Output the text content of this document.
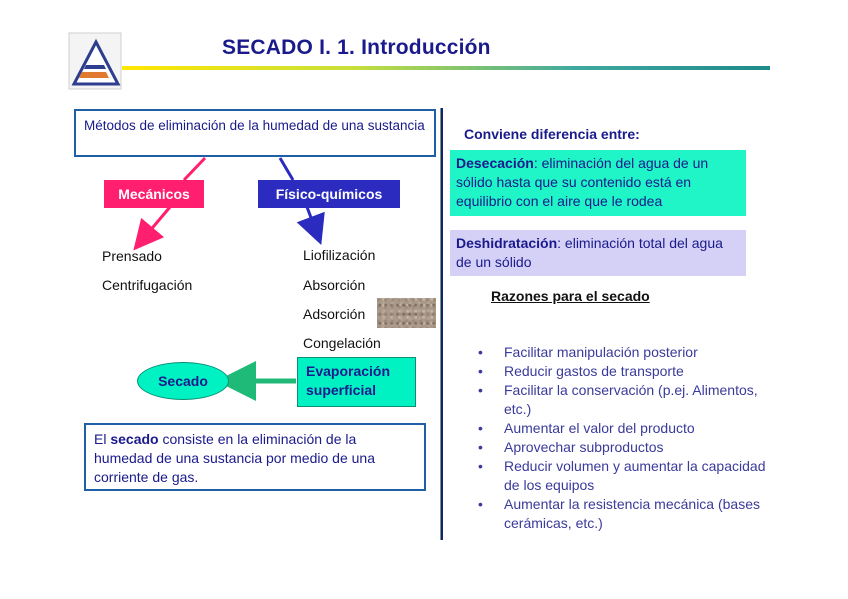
SECADO I. 1. Introducción
Métodos de eliminación de la humedad de una sustancia
Mecánicos	Físico-químicos
Prensado
Centrifugación
Liofilización
Absorción
Adsorción
Congelación
Evaporación
superficial
Secado
El secado consiste en la eliminación de la humedad de una sustancia por medio de una corriente de gas.
Conviene diferencia entre:
Desecación: eliminación del agua de un sólido hasta que su contenido está en equilibrio con el aire que le rodea
Deshidratación: eliminación total del agua de un sólido
Razones para el secado
• Facilitar manipulación posterior
• Reducir gastos de transporte
• Facilitar la conservación (p.ej. Alimentos, etc.)
• Aumentar el valor del producto
• Aprovechar subproductos
• Reducir volumen y aumentar la capacidad de los equipos
• Aumentar la resistencia mecánica (bases cerámicas, etc.)
